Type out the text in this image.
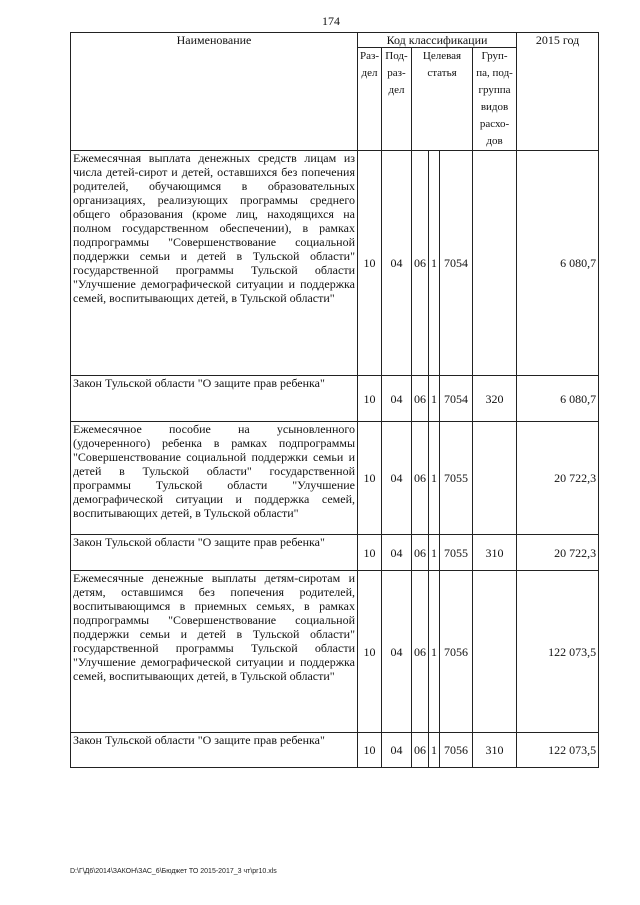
174
Наименование	Код классификации						2015 год
	Раз-дел	Под-раз-дел	Целевая статья			Груп-па, под-группа видов расхо-дов	
Ежемесячная выплата денежных средств лицам из числа детей-сирот и детей, оставшихся без попечения родителей, обучающимся в образовательных организациях, реализующих программы среднего общего образования (кроме лиц, находящихся на полном государственном обеспечении), в рамках подпрограммы "Совершенствование социальной поддержки семьи и детей в Тульской области" государственной программы Тульской области "Улучшение демографической ситуации и поддержка семей, воспитывающих детей, в Тульской области"	10	04	06	1	7054		6 080,7
Закон Тульской области "О защите прав ребенка"	10	04	06	1	7054	320	6 080,7
Ежемесячное пособие на усыновленного (удочеренного) ребенка в рамках подпрограммы "Совершенствование социальной поддержки семьи и детей в Тульской области" государственной программы Тульской области "Улучшение демографической ситуации и поддержка семей, воспитывающих детей, в Тульской области"	10	04	06	1	7055		20 722,3
Закон Тульской области "О защите прав ребенка"	10	04	06	1	7055	310	20 722,3
Ежемесячные денежные выплаты детям-сиротам и детям, оставшимся без попечения родителей, воспитывающимся в приемных семьях, в рамках подпрограммы "Совершенствование социальной поддержки семьи и детей в Тульской области" государственной программы Тульской области "Улучшение демографической ситуации и поддержка семей, воспитывающих детей, в Тульской области"	10	04	06	1	7056		122 073,5
Закон Тульской области "О защите прав ребенка"	10	04	06	1	7056	310	122 073,5
D:\Г\Д6\2014\ЗАКОН\ЗАС_6\Бюджет ТО 2015-2017_3 чт\pr10.xls
